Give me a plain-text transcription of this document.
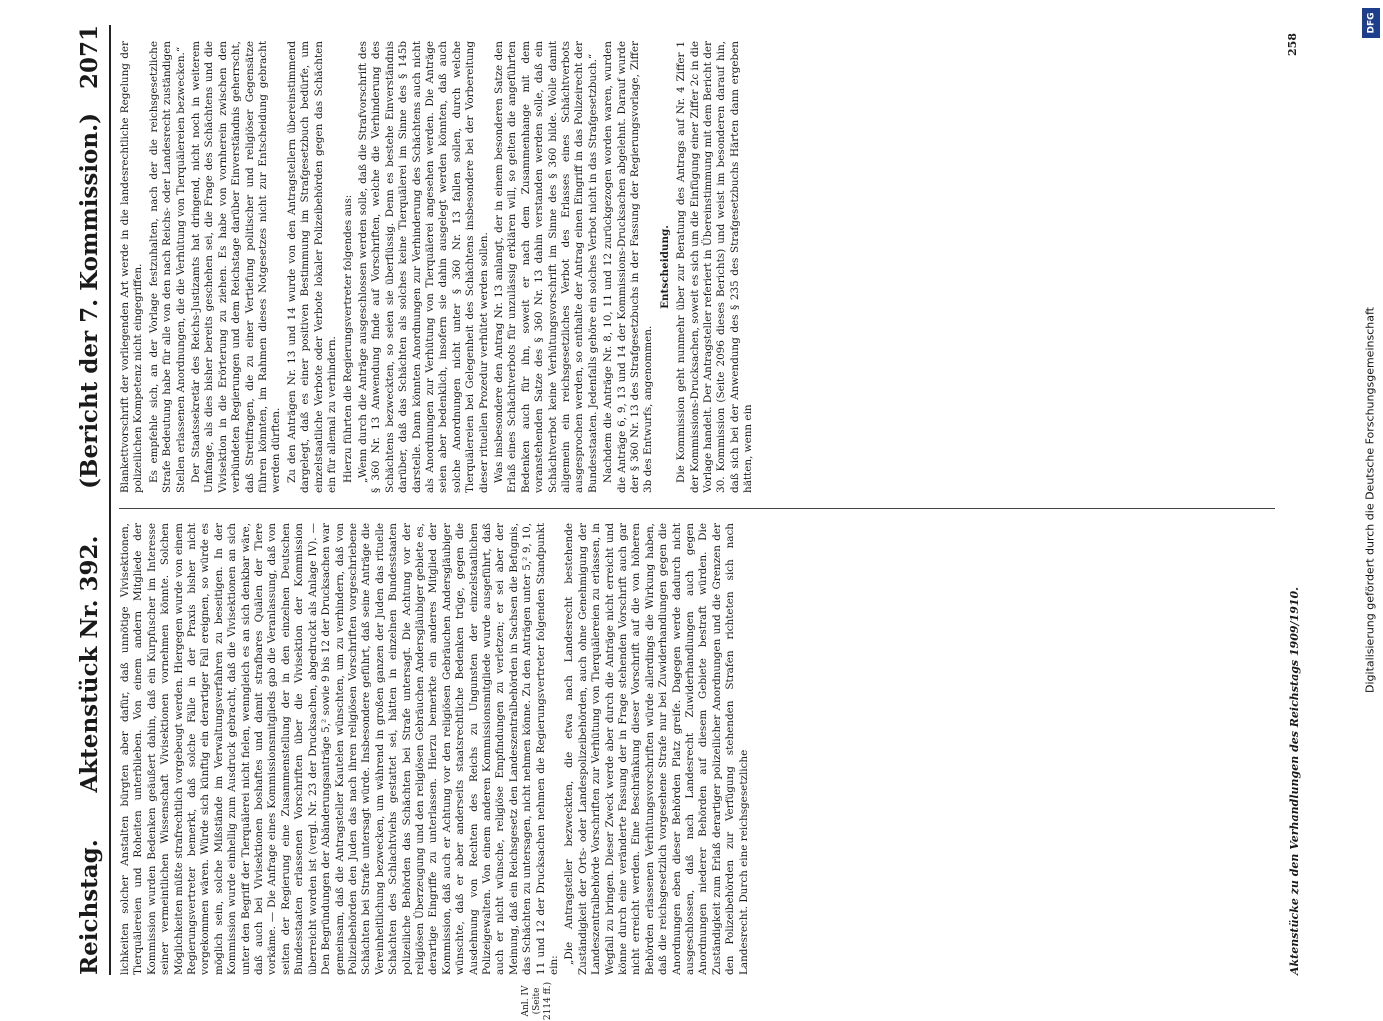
Reichstag.
Aktenstück Nr. 392.
(Bericht der 7. Kommission.)
2071
Anl. IV (Seite 2114 ff.)

lichkeiten solcher Anstalten bürgten aber dafür, daß unnötige Vivisektionen, Tierquälereien und Roheiten unterblieben. Von einem andern Mitgliede der Kommission wurden Bedenken geäußert dahin, daß ein Kurpfuscher im Interesse seiner vermeintlichen Wissenschaft Vivisektionen vornehmen könnte. Solchen Möglichkeiten müßte strafrechtlich vorgebeugt werden. Hiergegen wurde von einem Regierungsvertreter bemerkt, daß solche Fälle in der Praxis bisher nicht vorgekommen wären. Würde sich künftig ein derartiger Fall ereignen, so würde es möglich sein, solche Mißstände im Verwaltungsverfahren zu beseitigen. In der Kommission wurde einhellig zum Ausdruck gebracht, daß die Vivisektionen an sich unter den Begriff der Tierquälerei nicht fielen, wenngleich es an sich denkbar wäre, daß auch bei Vivisektionen boshaftes und damit strafbares Quälen der Tiere vorkäme. — Die Anfrage eines Kommissionsmitglieds gab die Veranlassung, daß von seiten der Regierung eine Zusammenstellung der in den einzelnen Deutschen Bundesstaaten erlassenen Vorschriften über die Vivisektion der Kommission überreicht worden ist (vergl. Nr. 23 der Drucksachen, abgedruckt als Anlage IV). — Den Begründungen der Abänderungsanträge 5,² sowie 9 bis 12 der Drucksachen war gemeinsam, daß die Antragsteller Kautelen wünschten, um zu verhindern, daß von Polizeibehörden den Juden das nach ihren religiösen Vorschriften vorgeschriebene Schächten bei Strafe untersagt würde. Insbesondere geführt, daß seine Anträge die Vereinheitlichung bezwecken, um während in großen ganzen der Juden das rituelle Schächten des Schlachtviehs gestattet sei, hätten in einzelnen Bundesstaaten polizeiliche Behörden das Schächten bei Strafe untersagt. Die Achtung vor der religiösen Überzeugung und den religiösen Gebräuchen Andersgläubiger gebiete es, derartige Eingriffe zu unterlassen. Hierzu bemerkte ein anderes Mitglied der Kommission, daß auch er Achtung vor den religiösen Gebräuchen Andersgläubiger wünschte, daß er aber anderseits staatsrechtliche Bedenken trüge, gegen die Ausdehnung von Rechten des Reichs zu Ungunsten der einzelstaatlichen Polizeigewalten. Von einem anderen Kommissionsmitgliede wurde ausgeführt, daß auch er nicht wünsche, religiöse Empfindungen zu verletzen; er sei aber der Meinung, daß ein Reichsgesetz den Landeszentralbehörden in Sachsen die Befugnis, das Schächten zu untersagen, nicht nehmen könne. Zu den Anträgen unter 5,² 9, 10, 11 und 12 der Drucksachen nehmen die Regierungsvertreter folgenden Standpunkt ein:

„Die Antragsteller bezweckten, die etwa nach Landesrecht bestehende Zuständigkeit der Orts- oder Landespolizeibehörden, auch ohne Genehmigung der Landeszentralbehörde Vorschriften zur Verhütung von Tierquälereien zu erlassen, in Wegfall zu bringen. Dieser Zweck werde aber durch die Anträge nicht erreicht und könne durch eine veränderte Fassung der in Frage stehenden Vorschrift auch gar nicht erreicht werden. Eine Beschränkung dieser Vorschrift auf die von höheren Behörden erlassenen Verhütungsvorschriften würde allerdings die Wirkung haben, daß die reichsgesetzlich vorgesehene Strafe nur bei Zuwiderhandlungen gegen die Anordnungen eben dieser Behörden Platz greife. Dagegen werde dadurch nicht ausgeschlossen, daß nach Landesrecht Zuwiderhandlungen auch gegen Anordnungen niederer Behörden auf diesem Gebiete bestraft würden. Die Zuständigkeit zum Erlaß derartiger polizeilicher Anordnungen und die Grenzen der den Polizeibehörden zur Verfügung stehenden Strafen richteten sich nach Landesrecht. Durch eine reichsgesetzliche

Blankettvorschrift der vorliegenden Art werde in die landesrechtliche Regelung der polizeilichen Kompetenz nicht eingegriffen. Es empfehle sich, an der Vorlage festzuhalten, nach der die reichsgesetzliche Strafe Bedeutung habe für alle von den nach Reichs- oder Landesrecht zuständigen Stellen erlassenen Anordnungen, die die Verhütung von Tierquälereien bezwecken.“ Der Staatssekretär des Reichs-Justizamts hat dringend, nicht noch in weiterem Umfange, als dies bisher bereits geschehen sei, die Frage des Schächtens und die Vivisektion in die Erörterung zu ziehen. Es habe von vornherein zwischen den verbündeten Regierungen und dem Reichstage darüber Einverständnis geherrscht, daß Streitfragen, die zu einer Vertiefung politischer und religiöser Gegensätze führen könnten, im Rahmen dieses Notgesetzes nicht zur Entscheidung gebracht werden dürften. Zu den Anträgen Nr. 13 und 14 wurde von den Antragstellern übereinstimmend dargelegt, daß es einer positiven Bestimmung im Strafgesetzbuch bedürfe, um einzelstaatliche Verbote oder Verbote lokaler Polizeibehörden gegen das Schächten ein für allemal zu verhindern. Hierzu führten die Regierungsvertreter folgendes aus: „Wenn durch die Anträge ausgeschlossen werden solle, daß die Strafvorschrift des § 360 Nr. 13 Anwendung finde auf Vorschriften, welche die Verhinderung des Schächtens bezweckten, so seien sie überflüssig. Denn es bestehe Einverständnis darüber, daß das Schächten als solches keine Tierquälerei im Sinne des § 145b darstelle. Dann könnten Anordnungen zur Verhinderung des Schächtens auch nicht als Anordnungen zur Verhütung von Tierquälerei angesehen werden. Die Anträge seien aber bedenklich, insofern sie dahin ausgelegt werden könnten, daß auch solche Anordnungen nicht unter § 360 Nr. 13 fallen sollen, durch welche Tierquälereien bei Gelegenheit des Schächtens insbesondere bei der Vorbereitung dieser rituellen Prozedur verhütet werden sollen. Was insbesondere den Antrag Nr. 13 anlangt, der in einem besonderen Satze den Erlaß eines Schächtverbots für unzulässig erklären will, so gelten die angeführten Bedenken auch für ihn, soweit er nach dem Zusammenhange mit dem voranstehenden Satze des § 360 Nr. 13 dahin verstanden werden solle, daß ein Schächtverbot keine Verhütungsvorschrift im Sinne des § 360 bilde. Wolle damit allgemein ein reichsgesetzliches Verbot des Erlasses eines Schächtverbots ausgesprochen werden, so enthalte der Antrag einen Eingriff in das Polizeirecht der Bundesstaaten. Jedenfalls gehöre ein solches Verbot nicht in das Strafgesetzbuch.“ Nachdem die Anträge Nr. 8, 10, 11 und 12 zurückgezogen worden waren, wurden die Anträge 6, 9, 13 und 14 der Kommissions-Drucksachen abgelehnt. Darauf wurde der § 360 Nr. 13 des Strafgesetzbuchs in der Fassung der Regierungsvorlage, Ziffer 3b des Entwurfs, angenommen.

Entscheidung. Die Kommission geht nunmehr über zur Beratung des Antrags auf Nr. 4 Ziffer 1 der Kommissions-Drucksachen, soweit es sich um die Einfügung einer Ziffer 2c in die Vorlage handelt. Der Antragsteller referiert in Übereinstimmung mit dem Bericht der 30. Kommission (Seite 2096 dieses Berichts) und weist im besonderen darauf hin, daß sich bei der Anwendung des § 235 des Strafgesetzbuchs Härten dann ergeben hätten, wenn ein

Aktenstücke zu den Verhandlungen des Reichstags 1909/1910.
258
Digitalisierung gefördert durch die Deutsche Forschungsgemeinschaft
DFG
